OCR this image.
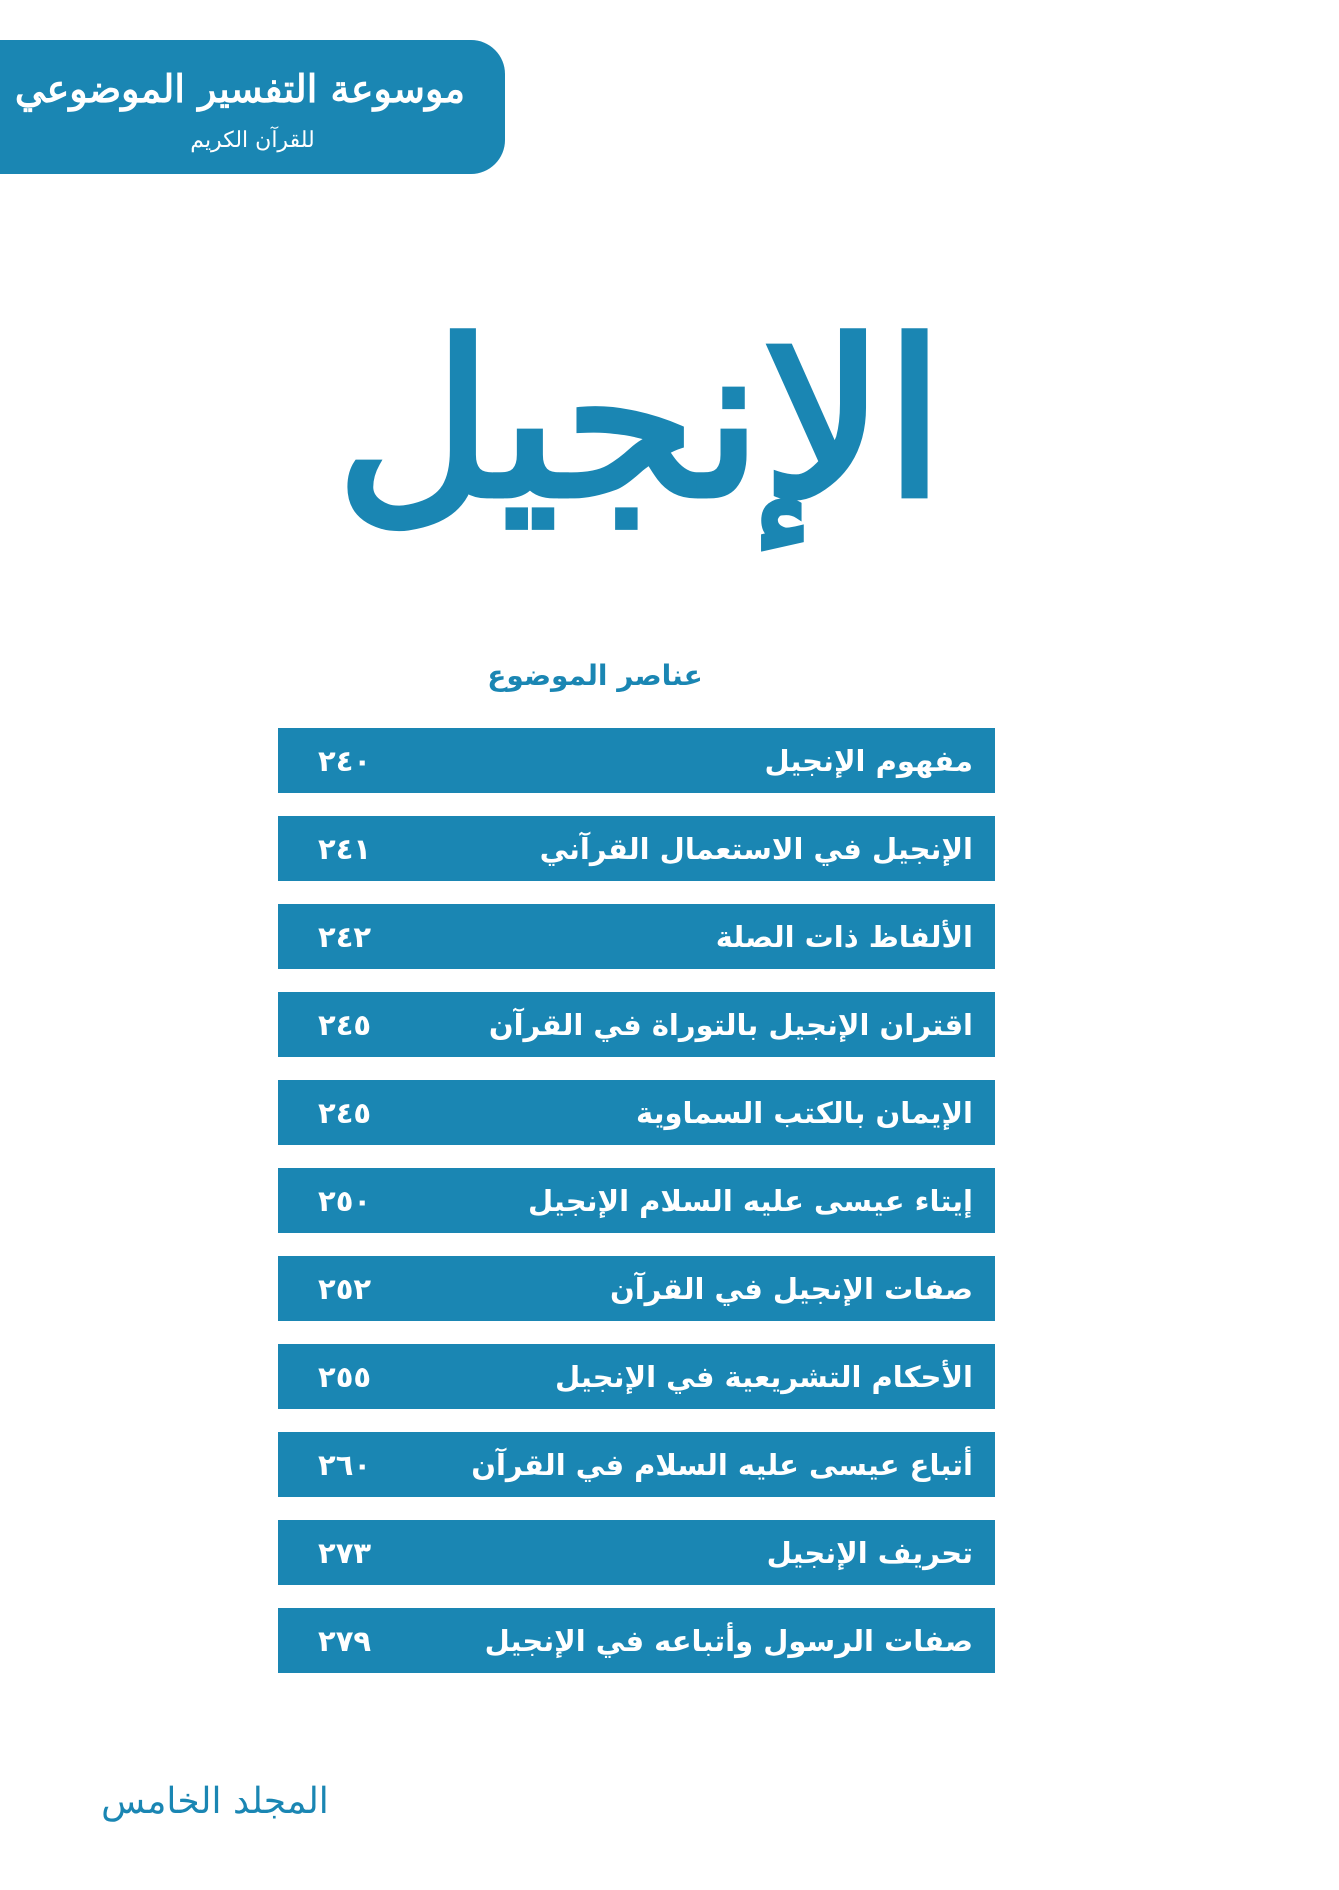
موسوعة التفسير الموضوعي
للقرآن الكريم
الإنجيل
عناصر الموضوع
مفهوم الإنجيل
٢٤٠
الإنجيل في الاستعمال القرآني
٢٤١
الألفاظ ذات الصلة
٢٤٢
اقتران الإنجيل بالتوراة في القرآن
٢٤٥
الإيمان بالكتب السماوية
٢٤٥
إيتاء عيسى عليه السلام الإنجيل
٢٥٠
صفات الإنجيل في القرآن
٢٥٢
الأحكام التشريعية في الإنجيل
٢٥٥
أتباع عيسى عليه السلام في القرآن
٢٦٠
تحريف الإنجيل
٢٧٣
صفات الرسول وأتباعه في الإنجيل
٢٧٩
المجلد الخامس
